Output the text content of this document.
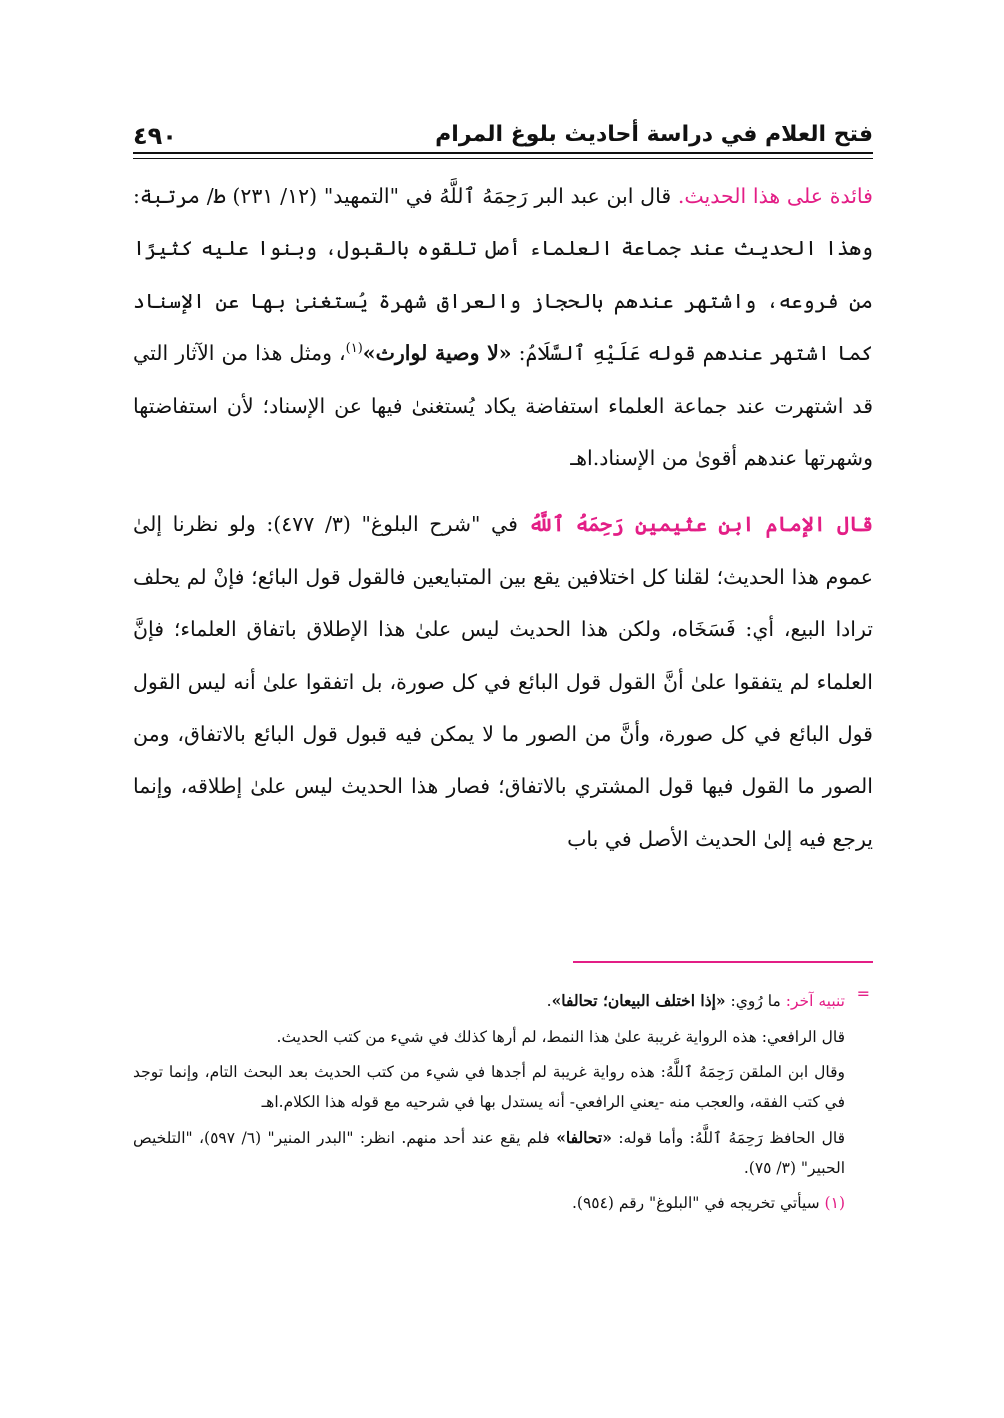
فتح العلام في دراسة أحاديث بلوغ المرام
٤٩٠

فائدة على هذا الحديث. قال ابن عبد البر رَحِمَهُ ٱللَّهُ في "التمهيد" (١٢/ ٢٣١) ط/ مرتبة: وهذا الحديث عند جماعة العلماء أصل تلقوه بالقبول، وبنوا عليه كثيرًا من فروعه، واشتهر عندهم بالحجاز والعراق شهرة يُستغنىٰ بها عن الإسناد كما اشتهر عندهم قوله عَلَيْهِ ٱلسَّلَامُ: «لا وصية لوارث»$^{(١)}$، ومثل هذا من الآثار التي قد اشتهرت عند جماعة العلماء استفاضة يكاد يُستغنىٰ فيها عن الإسناد؛ لأن استفاضتها وشهرتها عندهم أقوىٰ من الإسناد.اهـ

قال الإمام ابن عثيمين رَحِمَهُ ٱللَّهُ في "شرح البلوغ" (٣/ ٤٧٧): ولو نظرنا إلىٰ عموم هذا الحديث؛ لقلنا كل اختلافين يقع بين المتبايعين فالقول قول البائع؛ فإنْ لم يحلف ترادا البيع، أي: فَسَخَاه، ولكن هذا الحديث ليس علىٰ هذا الإطلاق باتفاق العلماء؛ فإنَّ العلماء لم يتفقوا علىٰ أنَّ القول قول البائع في كل صورة، بل اتفقوا علىٰ أنه ليس القول قول البائع في كل صورة، وأنَّ من الصور ما لا يمكن فيه قبول قول البائع بالاتفاق، ومن الصور ما القول فيها قول المشتري بالاتفاق؛ فصار هذا الحديث ليس علىٰ إطلاقه، وإنما يرجع فيه إلىٰ الحديث الأصل في باب

=

تنبيه آخر: ما رُوي: «إذا اختلف البيعان؛ تحالفا».

قال الرافعي: هذه الرواية غريبة علىٰ هذا النمط، لم أرها كذلك في شيء من كتب الحديث.

وقال ابن الملقن رَحِمَهُ ٱللَّهُ: هذه رواية غريبة لم أجدها في شيء من كتب الحديث بعد البحث التام، وإنما توجد في كتب الفقه، والعجب منه -يعني الرافعي- أنه يستدل بها في شرحيه مع قوله هذا الكلام.اهـ

قال الحافظ رَحِمَهُ ٱللَّهُ: وأما قوله: «تحالفا» فلم يقع عند أحد منهم. انظر: "البدر المنير" (٦/ ٥٩٧)، "التلخيص الحبير" (٣/ ٧٥).

(١) سيأتي تخريجه في "البلوغ" رقم (٩٥٤).
